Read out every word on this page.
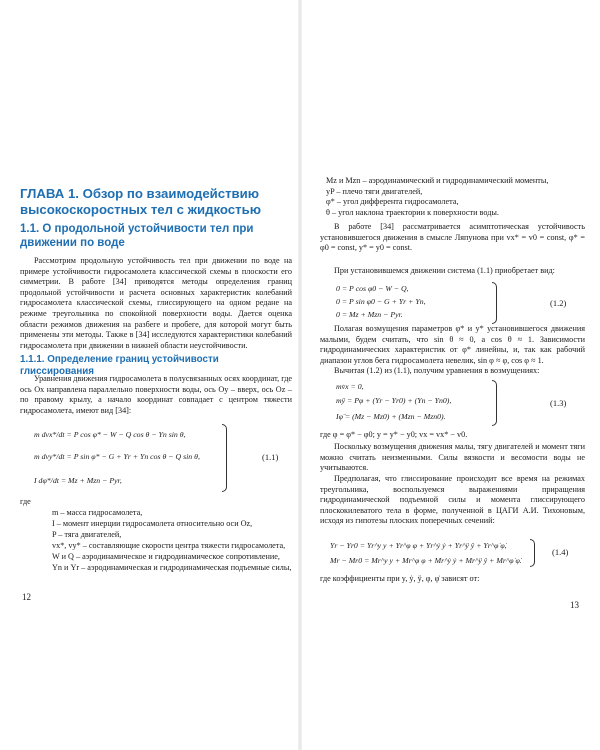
ГЛАВА 1. Обзор по взаимодействию высокоскоростных тел с жидкостью
1.1. О продольной устойчивости тел при движении по воде
Рассмотрим продольную устойчивость тел при движении по воде на примере устойчивости гидросамолета классической схемы в плоскости его симметрии. В работе [34] приводятся методы определения границ продольной устойчивости и расчета основных характеристик колебаний гидросамолета классической схемы, глиссирующего на одном редане на режиме треугольника по спокойной поверхности воды. Дается оценка области режимов движения на разбеге и пробеге, для которой могут быть применены эти методы. Также в [34] исследуются характеристики колебаний гидросамолета при движении в нижней области неустойчивости.
1.1.1. Определение границ устойчивости глиссирования
Уравнения движения гидросамолета в полусвязанных осях координат, где ось Ox направлена параллельно поверхности воды, ось Oy – вверх, ось Oz – по правому крылу, а начало координат совпадает с центром тяжести гидросамолета, имеют вид [34]:
m dvx*/dt = P cos φ* − W − Q cos θ − Yn sin θ,
m dvy*/dt = P sin φ* − G + Yr + Yn cos θ − Q sin θ,
I dφ*/dt = Mz + Mzn − Pyr,
(1.1)
где
m – масса гидросамолета,
I – момент инерции гидросамолета относительно оси Oz,
P – тяга двигателей,
vx*, vy* – составляющие скорости центра тяжести гидросамолета,
W и Q – аэродинамическое и гидродинамическое сопротивление,
Yn и Yr – аэродинамическая и гидродинамическая подъемные силы,
12
Mz и Mzn – аэродинамический и гидродинамический моменты,
yP – плечо тяги двигателей,
φ* – угол дифферента гидросамолета,
θ – угол наклона траектории к поверхности воды.
В работе [34] рассматривается асимптотическая устойчивость установившегося движения в смысле Ляпунова при vx* = v0 = const, φ* = φ0 = const, y* = y0 = const.
При установившемся движении система (1.1) приобретает вид:
0 = P cos φ0 − W − Q,
0 = P sin φ0 − G + Yr + Yn,
0 = Mz + Mzn − Pyr.
(1.2)
Полагая возмущения параметров φ* и y* установившегося движения малыми, будем считать, что sin θ ≈ 0, а cos θ ≈ 1. Зависимости гидродинамических характеристик от φ* линейны, и, так как рабочий диапазон углов бега гидросамолета невелик, sin φ ≈ φ, cos φ ≈ 1.
Вычитая (1.2) из (1.1), получим уравнения в возмущениях:
mv̇x = 0,
mÿ = Pφ + (Yr − Yr0) + (Yn − Yn0),
Iφ̈ = (Mz − Mz0) + (Mzn − Mzn0).
(1.3)
где φ = φ* − φ0; y = y* − y0; vx = vx* − v0.
Поскольку возмущения движения малы, тягу двигателей и момент тяги можно считать неизменными. Силы вязкости и весомости воды не учитываются.
Предполагая, что глиссирование происходит все время на режимах треугольника, воспользуемся выражениями приращения гидродинамической подъемной силы и момента глиссирующего плоскокилеватого тела в форме, полученной в ЦАГИ А.И. Тихоновым, исходя из гипотезы плоских поперечных сечений:
Yr − Yr0 = Yr^y y + Yr^φ φ + Yr^ẏ ẏ + Yr^ÿ ÿ + Yr^φ̇ φ̇,
Mr − Mr0 = Mr^y y + Mr^φ φ + Mr^ẏ ẏ + Mr^ÿ ÿ + Mr^φ̇ φ̇.
(1.4)
где коэффициенты при y, ẏ, ÿ, φ, φ̇ зависят от:
13
